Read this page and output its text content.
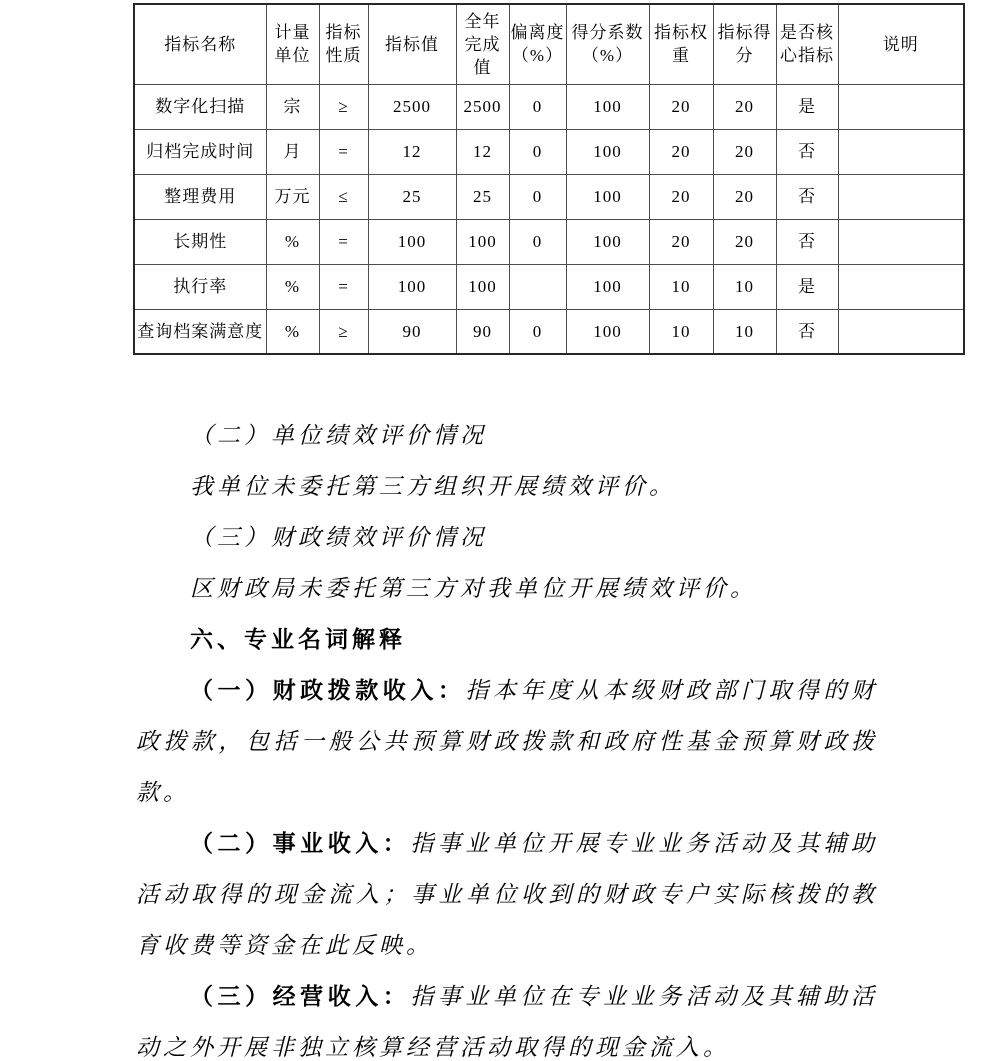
指标名称	计量单位	指标性质	指标值	全年完成值	偏离度（%）	得分系数（%）	指标权重	指标得分	是否核心指标	说明
数字化扫描	宗	≥	2500	2500	0	100	20	20	是	
归档完成时间	月	=	12	12	0	100	20	20	否	
整理费用	万元	≤	25	25	0	100	20	20	否	
长期性	%	=	100	100	0	100	20	20	否	
执行率	%	=	100	100		100	10	10	是	
查询档案满意度	%	≥	90	90	0	100	10	10	否	

（二）单位绩效评价情况

我单位未委托第三方组织开展绩效评价。

（三）财政绩效评价情况

区财政局未委托第三方对我单位开展绩效评价。

六、专业名词解释

（一）财政拨款收入：指本年度从本级财政部门取得的财政拨款，包括一般公共预算财政拨款和政府性基金预算财政拨款。

（二）事业收入：指事业单位开展专业业务活动及其辅助活动取得的现金流入；事业单位收到的财政专户实际核拨的教育收费等资金在此反映。

（三）经营收入：指事业单位在专业业务活动及其辅助活动之外开展非独立核算经营活动取得的现金流入。
